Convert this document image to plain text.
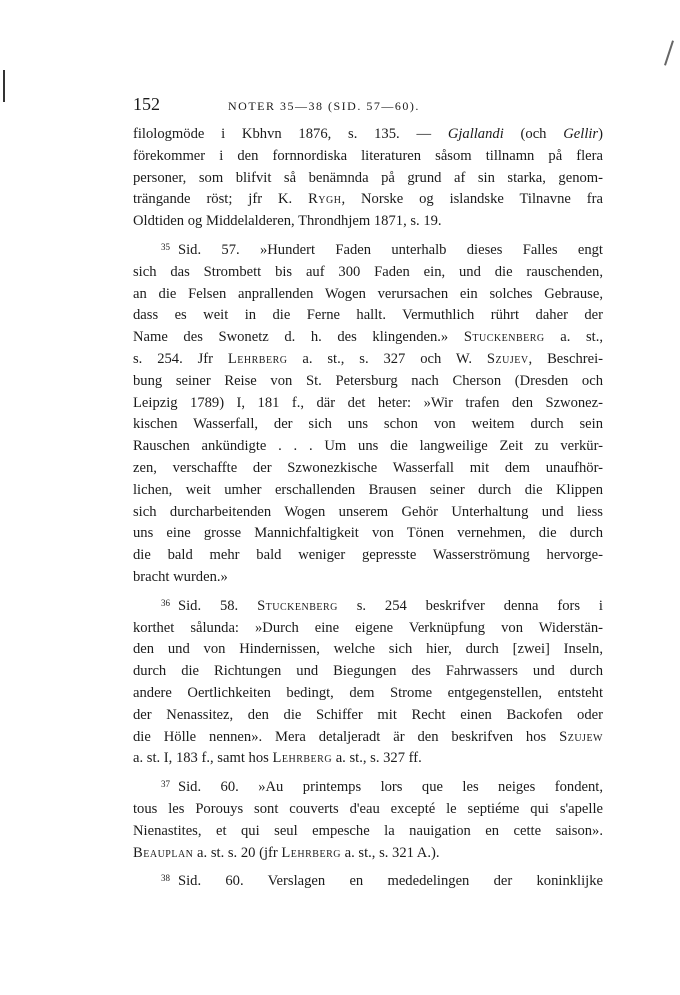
152	NOTER 35—38 (SID. 57—60).

filologmöde i Kbhvn 1876, s. 135. — Gjallandi (och Gellir)
förekommer i den fornnordiska literaturen såsom tillnamn på flera
personer, som blifvit så benämnda på grund af sin starka, genom-
trängande röst; jfr K. Rygh, Norske og islandske Tilnavne fra
Oldtiden og Middelalderen, Throndhjem 1871, s. 19.

$^{35}$ Sid. 57. »Hundert Faden unterhalb dieses Falles engt
sich das Strombett bis auf 300 Faden ein, und die rauschenden,
an die Felsen anprallenden Wogen verursachen ein solches Gebrause,
dass es weit in die Ferne hallt. Vermuthlich rührt daher der
Name des Swonetz d. h. des klingenden.» Stuckenberg a. st.,
s. 254. Jfr Lehrberg a. st., s. 327 och W. Szujev, Beschrei-
bung seiner Reise von St. Petersburg nach Cherson (Dresden och
Leipzig 1789) I, 181 f., där det heter: »Wir trafen den Szwonez-
kischen Wasserfall, der sich uns schon von weitem durch sein
Rauschen ankündigte . . . Um uns die langweilige Zeit zu verkür-
zen, verschaffte der Szwonezkische Wasserfall mit dem unaufhör-
lichen, weit umher erschallenden Brausen seiner durch die Klippen
sich durcharbeitenden Wogen unserem Gehör Unterhaltung und liess
uns eine grosse Mannichfaltigkeit von Tönen vernehmen, die durch
die bald mehr bald weniger gepresste Wasserströmung hervorge-
bracht wurden.»

$^{36}$ Sid. 58. Stuckenberg s. 254 beskrifver denna fors i
korthet sålunda: »Durch eine eigene Verknüpfung von Widerstän-
den und von Hindernissen, welche sich hier, durch [zwei] Inseln,
durch die Richtungen und Biegungen des Fahrwassers und durch
andere Oertlichkeiten bedingt, dem Strome entgegenstellen, entsteht
der Nenassitez, den die Schiffer mit Recht einen Backofen oder
die Hölle nennen». Mera detaljeradt är den beskrifven hos Szujew
a. st. I, 183 f., samt hos Lehrberg a. st., s. 327 ff.

$^{37}$ Sid. 60. »Au printemps lors que les neiges fondent,
tous les Porouys sont couverts d'eau excepté le septiéme qui s'apelle
Nienastites, et qui seul empesche la nauigation en cette saison».
Beauplan a. st. s. 20 (jfr Lehrberg a. st., s. 321 A.).

$^{38}$ Sid. 60. Verslagen en mededelingen der koninklijke
